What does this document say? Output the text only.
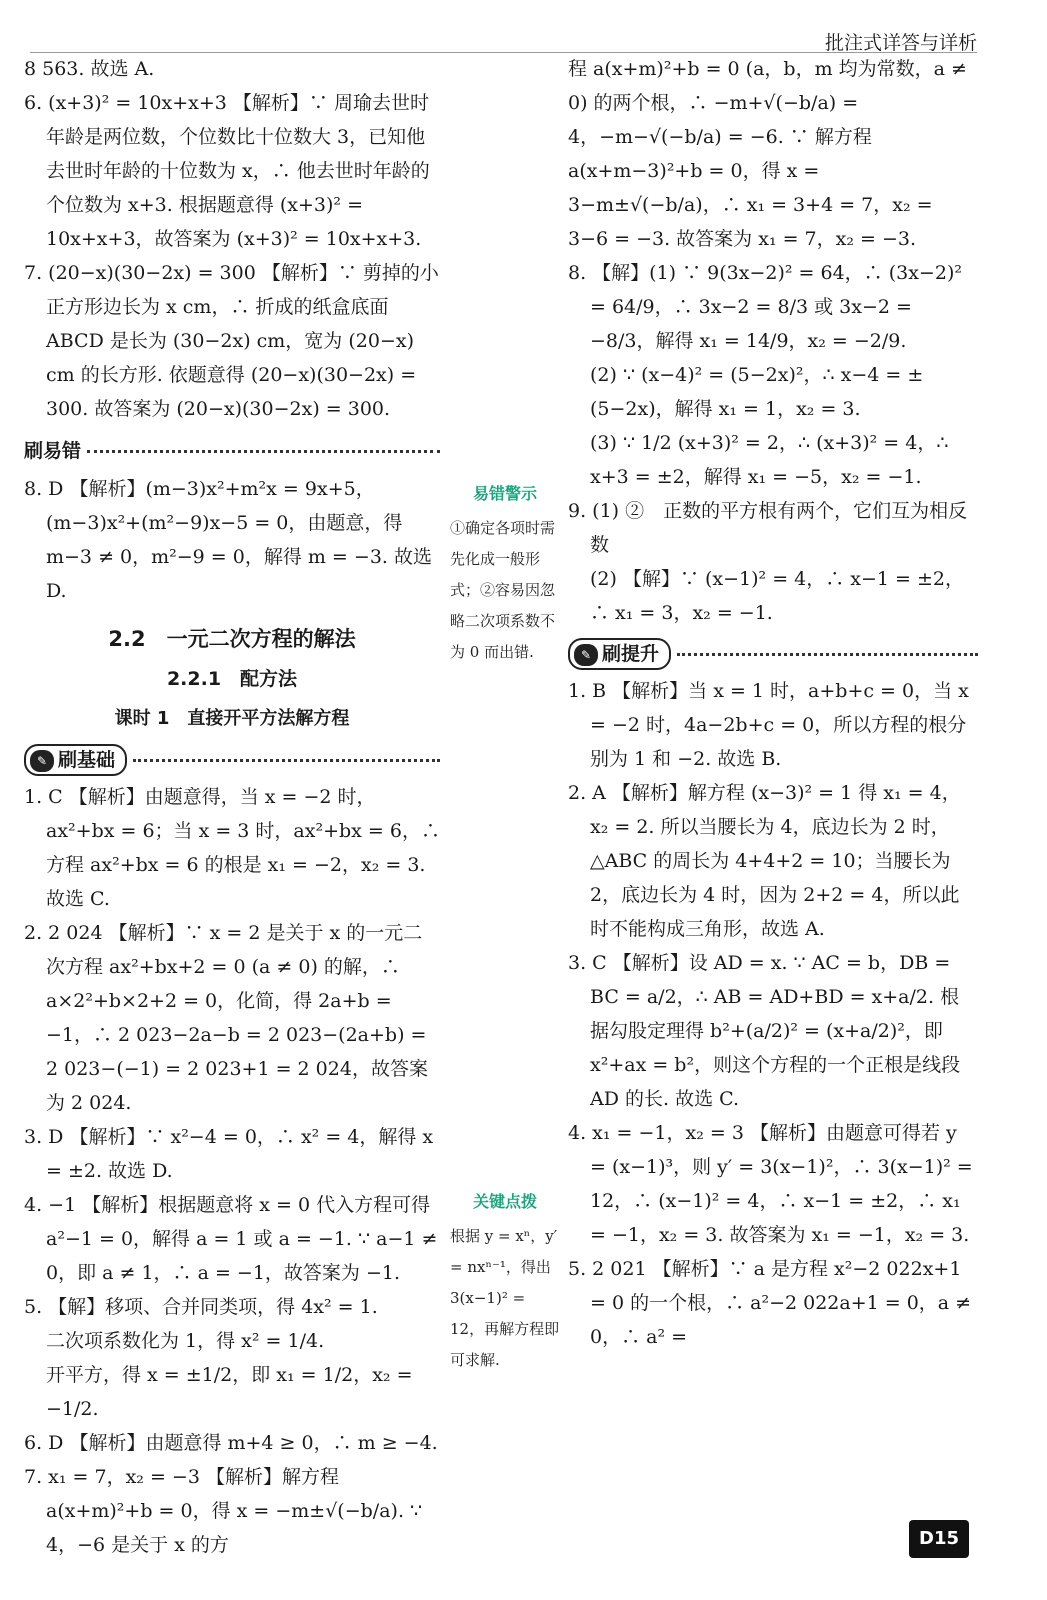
批注式详答与详析

8 563. 故选 A.

6. (x+3)² = 10x+x+3 【解析】∵ 周瑜去世时年龄是两位数，个位数比十位数大 3，已知他去世时年龄的十位数为 x，∴ 他去世时年龄的个位数为 x+3. 根据题意得 (x+3)² = 10x+x+3，故答案为 (x+3)² = 10x+x+3.

7. (20−x)(30−2x) = 300 【解析】∵ 剪掉的小正方形边长为 x cm，∴ 折成的纸盒底面 ABCD 是长为 (30−2x) cm，宽为 (20−x) cm 的长方形. 依题意得 (20−x)(30−2x) = 300. 故答案为 (20−x)(30−2x) = 300.

刷易错

8. D 【解析】(m−3)x²+m²x = 9x+5，(m−3)x²+(m²−9)x−5 = 0，由题意，得 m−3 ≠ 0，m²−9 = 0，解得 m = −3. 故选 D.

2.2　一元二次方程的解法
2.2.1　配方法
课时 1　直接开平方法解方程
✎ 刷基础

1. C 【解析】由题意得，当 x = −2 时，ax²+bx = 6；当 x = 3 时，ax²+bx = 6，∴ 方程 ax²+bx = 6 的根是 x₁ = −2，x₂ = 3. 故选 C.

2. 2 024 【解析】∵ x = 2 是关于 x 的一元二次方程 ax²+bx+2 = 0 (a ≠ 0) 的解，∴ a×2²+b×2+2 = 0，化简，得 2a+b = −1，∴ 2 023−2a−b = 2 023−(2a+b) = 2 023−(−1) = 2 023+1 = 2 024，故答案为 2 024.

3. D 【解析】∵ x²−4 = 0，∴ x² = 4，解得 x = ±2. 故选 D.

4. −1 【解析】根据题意将 x = 0 代入方程可得 a²−1 = 0，解得 a = 1 或 a = −1. ∵ a−1 ≠ 0，即 a ≠ 1，∴ a = −1，故答案为 −1.

5. 【解】移项、合并同类项，得 4x² = 1.

二次项系数化为 1，得 x² = 1/4.

开平方，得 x = ±1/2，即 x₁ = 1/2，x₂ = −1/2.

6. D 【解析】由题意得 m+4 ≥ 0，∴ m ≥ −4.

7. x₁ = 7，x₂ = −3 【解析】解方程 a(x+m)²+b = 0，得 x = −m±√(−b/a). ∵ 4，−6 是关于 x 的方

易错警示
①确定各项时需先化成一般形式；②容易因忽略二次项系数不为 0 而出错.
关键点拨
根据 y = xⁿ，y′ = nxⁿ⁻¹，得出 3(x−1)² = 12，再解方程即可求解.

程 a(x+m)²+b = 0 (a，b，m 均为常数，a ≠ 0) 的两个根，∴ −m+√(−b/a) = 4，−m−√(−b/a) = −6. ∵ 解方程 a(x+m−3)²+b = 0，得 x = 3−m±√(−b/a)，∴ x₁ = 3+4 = 7，x₂ = 3−6 = −3. 故答案为 x₁ = 7，x₂ = −3.

8. 【解】(1) ∵ 9(3x−2)² = 64，∴ (3x−2)² = 64/9，∴ 3x−2 = 8/3 或 3x−2 = −8/3，解得 x₁ = 14/9，x₂ = −2/9.

(2) ∵ (x−4)² = (5−2x)²，∴ x−4 = ±(5−2x)，解得 x₁ = 1，x₂ = 3.

(3) ∵ 1/2 (x+3)² = 2，∴ (x+3)² = 4，∴ x+3 = ±2，解得 x₁ = −5，x₂ = −1.

9. (1) ②　正数的平方根有两个，它们互为相反数

(2) 【解】∵ (x−1)² = 4，∴ x−1 = ±2，∴ x₁ = 3，x₂ = −1.

✎ 刷提升

1. B 【解析】当 x = 1 时，a+b+c = 0，当 x = −2 时，4a−2b+c = 0，所以方程的根分别为 1 和 −2. 故选 B.

2. A 【解析】解方程 (x−3)² = 1 得 x₁ = 4，x₂ = 2. 所以当腰长为 4，底边长为 2 时，△ABC 的周长为 4+4+2 = 10；当腰长为 2，底边长为 4 时，因为 2+2 = 4，所以此时不能构成三角形，故选 A.

3. C 【解析】设 AD = x. ∵ AC = b，DB = BC = a/2，∴ AB = AD+BD = x+a/2. 根据勾股定理得 b²+(a/2)² = (x+a/2)²，即 x²+ax = b²，则这个方程的一个正根是线段 AD 的长. 故选 C.

4. x₁ = −1，x₂ = 3 【解析】由题意可得若 y = (x−1)³，则 y′ = 3(x−1)²，∴ 3(x−1)² = 12，∴ (x−1)² = 4，∴ x−1 = ±2，∴ x₁ = −1，x₂ = 3. 故答案为 x₁ = −1，x₂ = 3.

5. 2 021 【解析】∵ a 是方程 x²−2 022x+1 = 0 的一个根，∴ a²−2 022a+1 = 0，a ≠ 0，∴ a² =

D15
